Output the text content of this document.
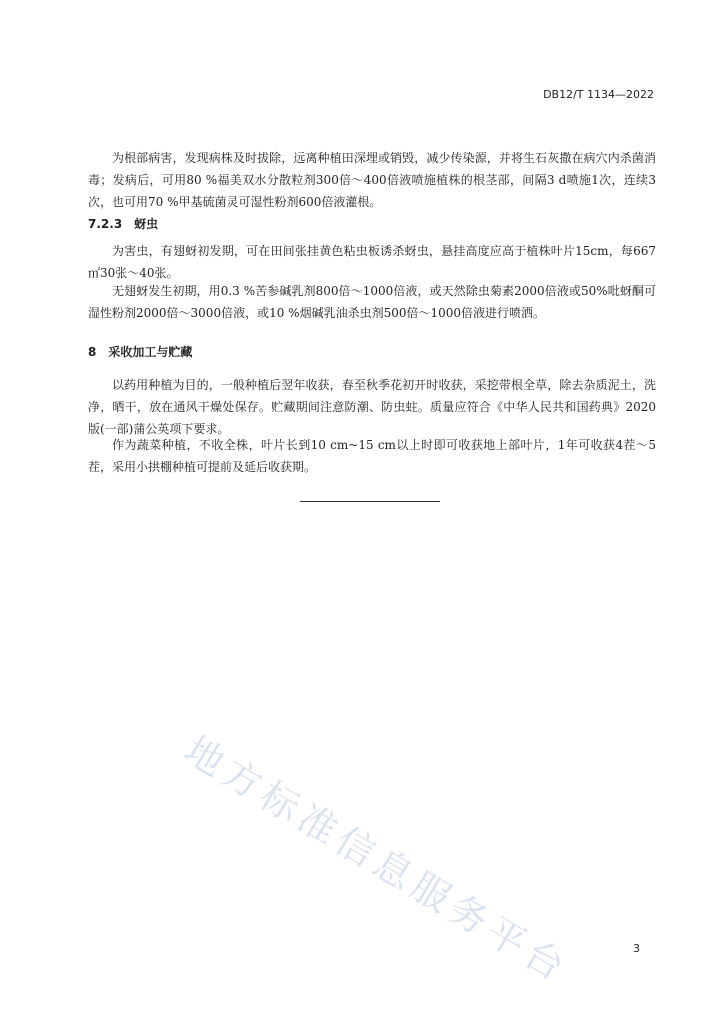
DB12/T 1134—2022

为根部病害，发现病株及时拔除，远离种植田深埋或销毁，减少传染源，并将生石灰撒在病穴内杀菌消毒；发病后，可用80 %福美双水分散粒剂300倍～400倍液喷施植株的根茎部，间隔3 d喷施1次，连续3次，也可用70 %甲基硫菌灵可湿性粉剂600倍液灌根。

7.2.3 蚜虫

为害虫，有翅蚜初发期，可在田间张挂黄色粘虫板诱杀蚜虫，悬挂高度应高于植株叶片15cm，每667㎡30张～40张。

无翅蚜发生初期，用0.3 %苦参碱乳剂800倍～1000倍液，或天然除虫菊素2000倍液或50%吡蚜酮可湿性粉剂2000倍～3000倍液，或10 %烟碱乳油杀虫剂500倍～1000倍液进行喷洒。

8 采收加工与贮藏

以药用种植为目的，一般种植后翌年收获，春至秋季花初开时收获，采挖带根全草，除去杂质泥土，洗净，晒干，放在通风干燥处保存。贮藏期间注意防潮、防虫蛀。质量应符合《中华人民共和国药典》2020版(一部)蒲公英项下要求。

作为蔬菜种植，不收全株，叶片长到10 cm~15 cm以上时即可收获地上部叶片，1年可收获4茬～5茬，采用小拱棚种植可提前及延后收获期。

地方标准信息服务平台	3
